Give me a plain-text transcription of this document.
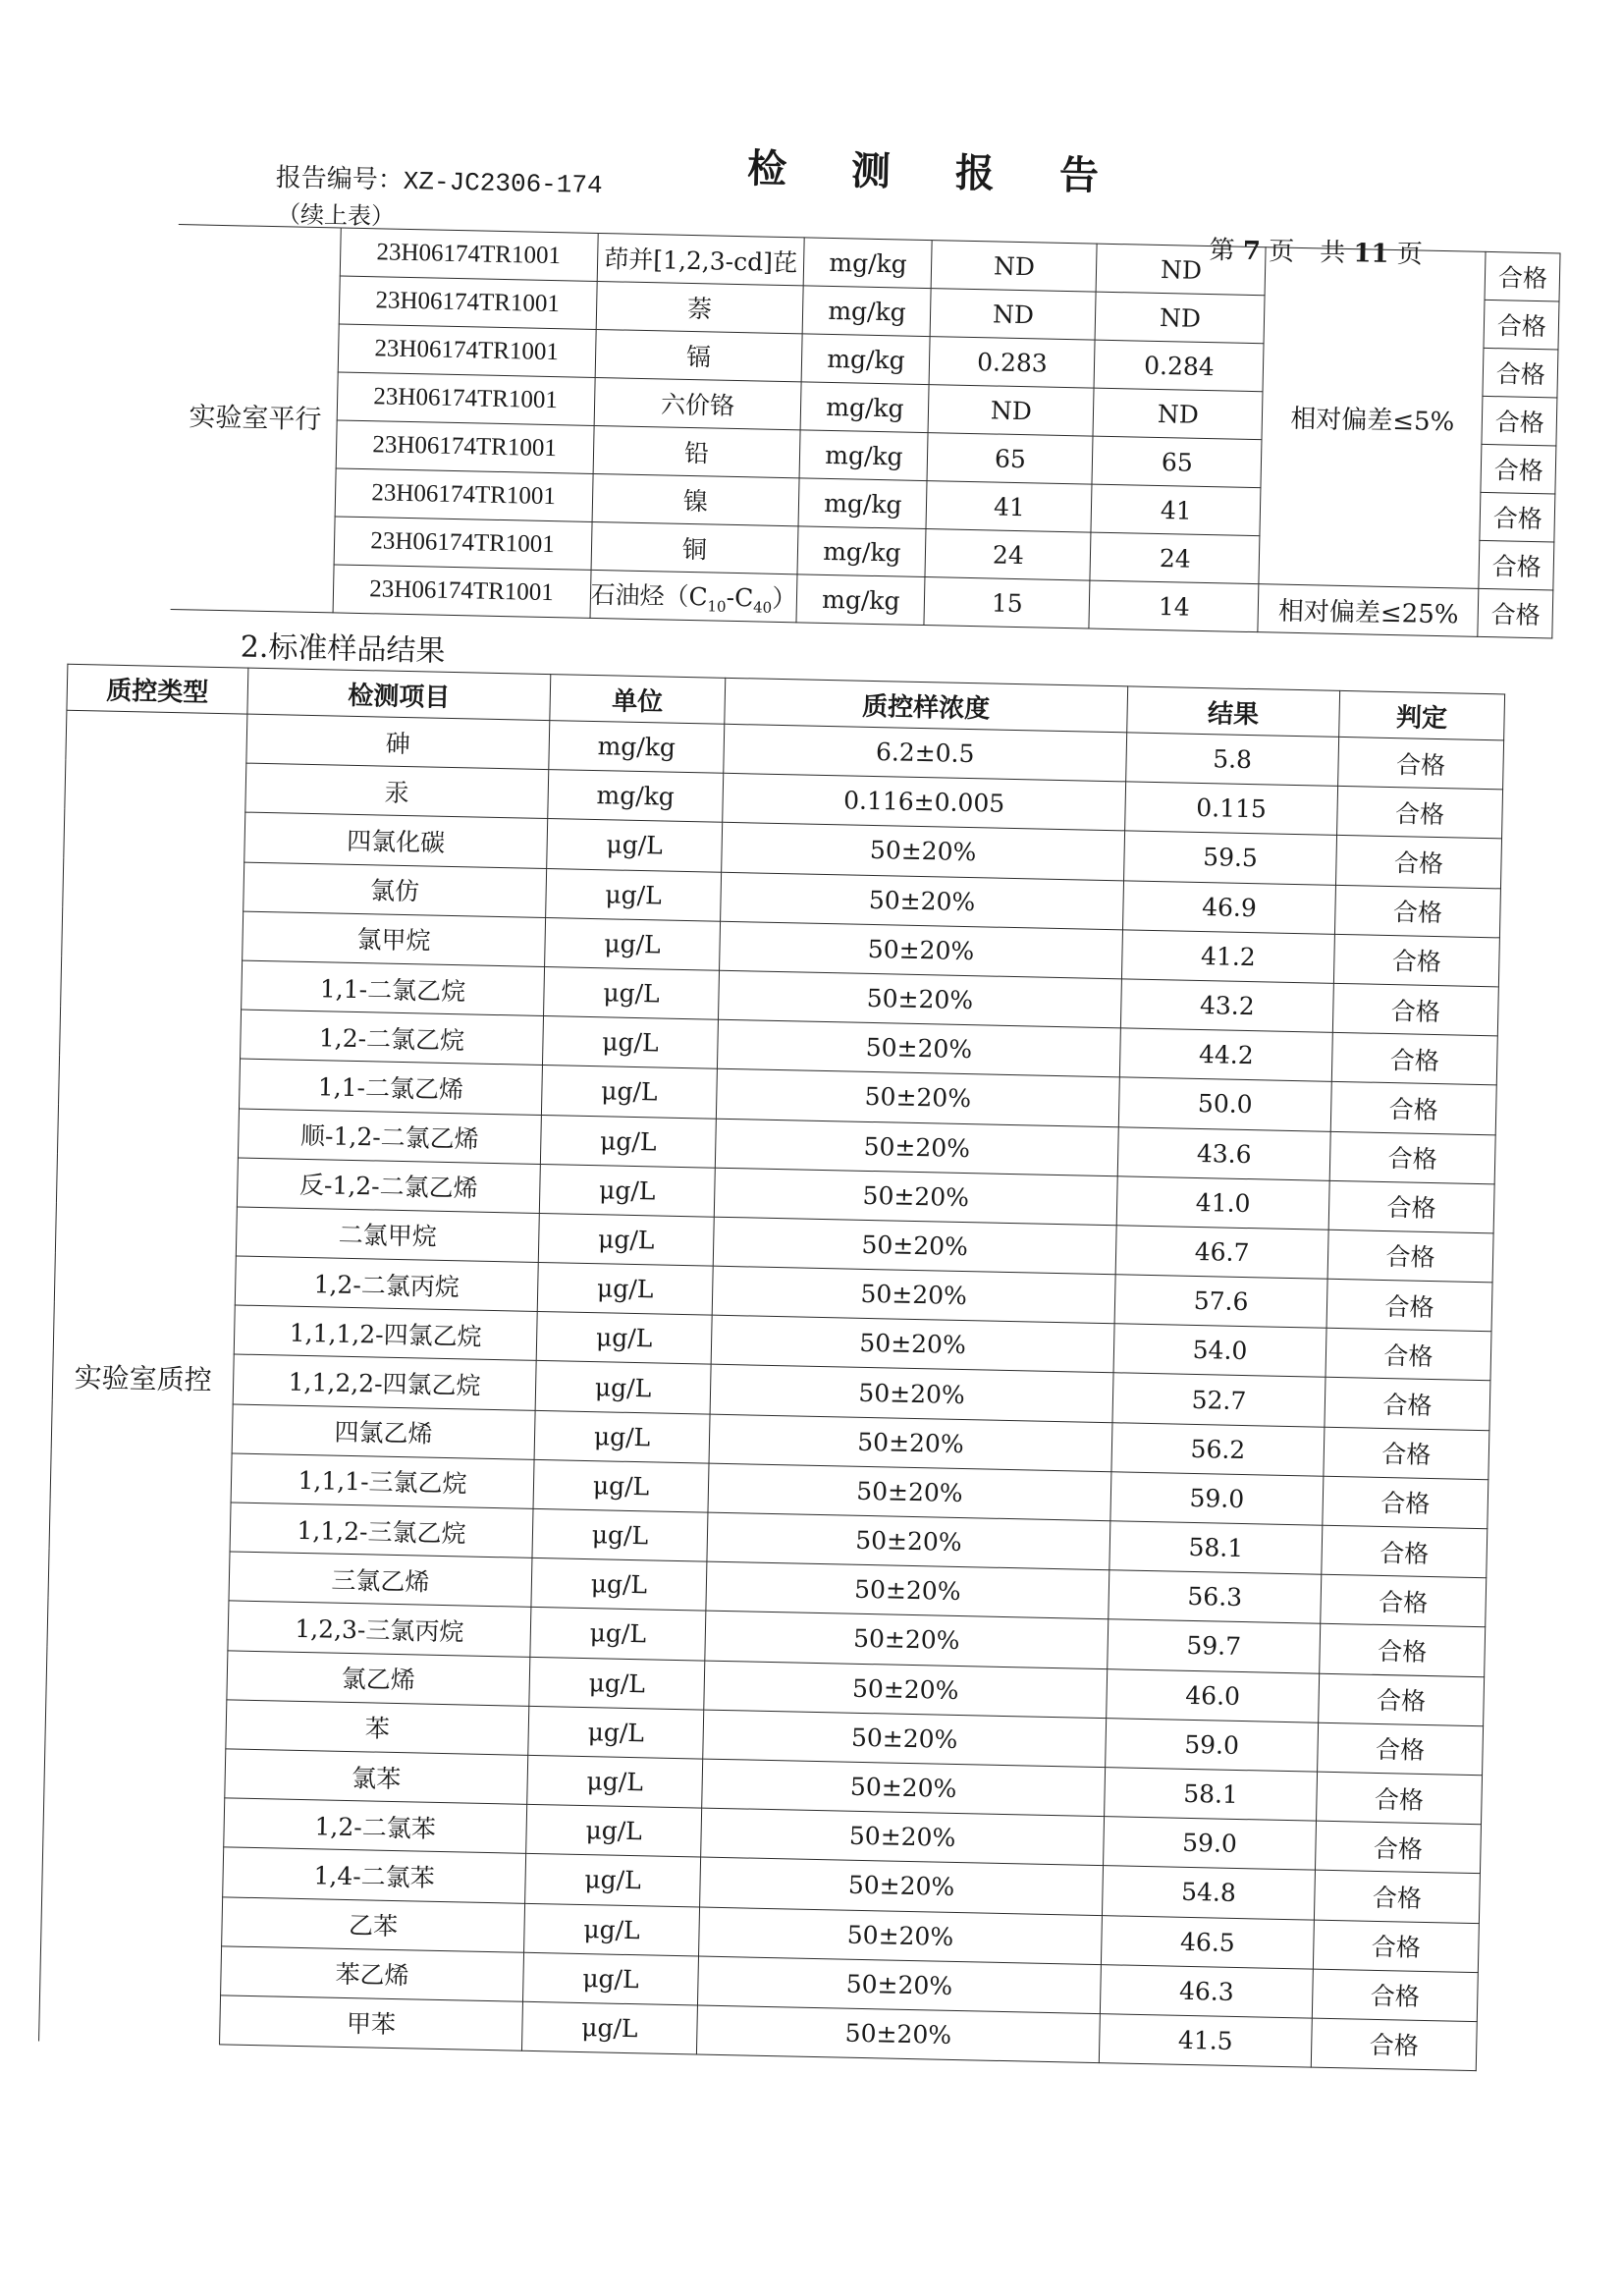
检 测 报 告
报告编号：XZ-JC2306-174
（续上表）
第 7 页　共 11 页
实验室平行	23H06174TR1001	茚并[1,2,3-cd]芘	mg/kg	ND	ND	相对偏差≤5%	合格
	23H06174TR1001	萘	mg/kg	ND	ND		合格
	23H06174TR1001	镉	mg/kg	0.283	0.284		合格
	23H06174TR1001	六价铬	mg/kg	ND	ND		合格
	23H06174TR1001	铅	mg/kg	65	65		合格
	23H06174TR1001	镍	mg/kg	41	41		合格
	23H06174TR1001	铜	mg/kg	24	24		合格
	23H06174TR1001	石油烃$(C_{10}-C_{40})$	mg/kg	15	14	相对偏差≤25%	合格
2.标准样品结果
质控类型	检测项目	单位	质控样浓度	结果	判定
实验室质控	砷	mg/kg	6.2±0.5	5.8	合格
	汞	mg/kg	0.116±0.005	0.115	合格
	四氯化碳	μg/L	50±20%	59.5	合格
	氯仿	μg/L	50±20%	46.9	合格
	氯甲烷	μg/L	50±20%	41.2	合格
	1,1-二氯乙烷	μg/L	50±20%	43.2	合格
	1,2-二氯乙烷	μg/L	50±20%	44.2	合格
	1,1-二氯乙烯	μg/L	50±20%	50.0	合格
	顺-1,2-二氯乙烯	μg/L	50±20%	43.6	合格
	反-1,2-二氯乙烯	μg/L	50±20%	41.0	合格
	二氯甲烷	μg/L	50±20%	46.7	合格
	1,2-二氯丙烷	μg/L	50±20%	57.6	合格
	1,1,1,2-四氯乙烷	μg/L	50±20%	54.0	合格
	1,1,2,2-四氯乙烷	μg/L	50±20%	52.7	合格
	四氯乙烯	μg/L	50±20%	56.2	合格
	1,1,1-三氯乙烷	μg/L	50±20%	59.0	合格
	1,1,2-三氯乙烷	μg/L	50±20%	58.1	合格
	三氯乙烯	μg/L	50±20%	56.3	合格
	1,2,3-三氯丙烷	μg/L	50±20%	59.7	合格
	氯乙烯	μg/L	50±20%	46.0	合格
	苯	μg/L	50±20%	59.0	合格
	氯苯	μg/L	50±20%	58.1	合格
	1,2-二氯苯	μg/L	50±20%	59.0	合格
	1,4-二氯苯	μg/L	50±20%	54.8	合格
	乙苯	μg/L	50±20%	46.5	合格
	苯乙烯	μg/L	50±20%	46.3	合格
	甲苯	μg/L	50±20%	41.5	合格
